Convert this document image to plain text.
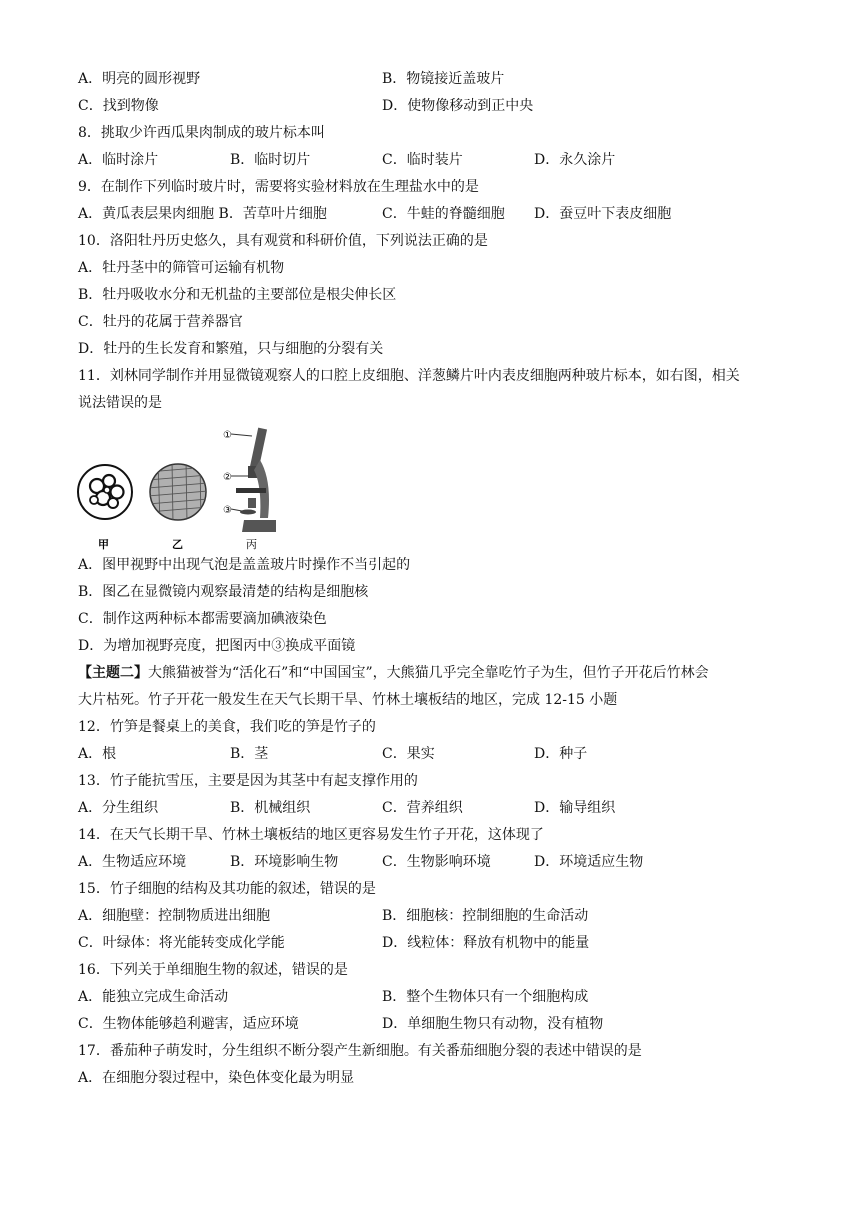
A．明亮的圆形视野	B．物镜接近盖玻片
C．找到物像	D．使物像移动到正中央
8．挑取少许西瓜果肉制成的玻片标本叫
A．临时涂片	B．临时切片	C．临时装片	D．永久涂片
9．在制作下列临时玻片时，需要将实验材料放在生理盐水中的是
A．黄瓜表层果肉细胞 B．苦草叶片细胞	C．牛蛙的脊髓细胞 D．蚕豆叶下表皮细胞
10．洛阳牡丹历史悠久，具有观赏和科研价值，下列说法正确的是
A．牡丹茎中的筛管可运输有机物
B．牡丹吸收水分和无机盐的主要部位是根尖伸长区
C．牡丹的花属于营养器官
D．牡丹的生长发育和繁殖，只与细胞的分裂有关
11．刘林同学制作并用显微镜观察人的口腔上皮细胞、洋葱鳞片叶内表皮细胞两种玻片标本，如右图，相关
说法错误的是
①
②
③
甲	乙	丙
A．图甲视野中出现气泡是盖盖玻片时操作不当引起的
B．图乙在显微镜内观察最清楚的结构是细胞核
C．制作这两种标本都需要滴加碘液染色
D．为增加视野亮度，把图丙中③换成平面镜
【主题二】大熊猫被誉为“活化石”和“中国国宝”，大熊猫几乎完全靠吃竹子为生，但竹子开花后竹林会
大片枯死。竹子开花一般发生在天气长期干旱、竹林土壤板结的地区，完成 12-15 小题
12．竹笋是餐桌上的美食，我们吃的笋是竹子的
A．根	B．茎	C．果实	D．种子
13．竹子能抗雪压，主要是因为其茎中有起支撑作用的
A．分生组织	B．机械组织	C．营养组织	D．输导组织
14．在天气长期干旱、竹林土壤板结的地区更容易发生竹子开花，这体现了
A．生物适应环境	B．环境影响生物	C．生物影响环境	D．环境适应生物
15．竹子细胞的结构及其功能的叙述，错误的是
A．细胞壁：控制物质进出细胞	B．细胞核：控制细胞的生命活动
C．叶绿体：将光能转变成化学能	D．线粒体：释放有机物中的能量
16．下列关于单细胞生物的叙述，错误的是
A．能独立完成生命活动	B．整个生物体只有一个细胞构成
C．生物体能够趋利避害，适应环境	D．单细胞生物只有动物，没有植物
17．番茄种子萌发时，分生组织不断分裂产生新细胞。有关番茄细胞分裂的表述中错误的是
A．在细胞分裂过程中，染色体变化最为明显
